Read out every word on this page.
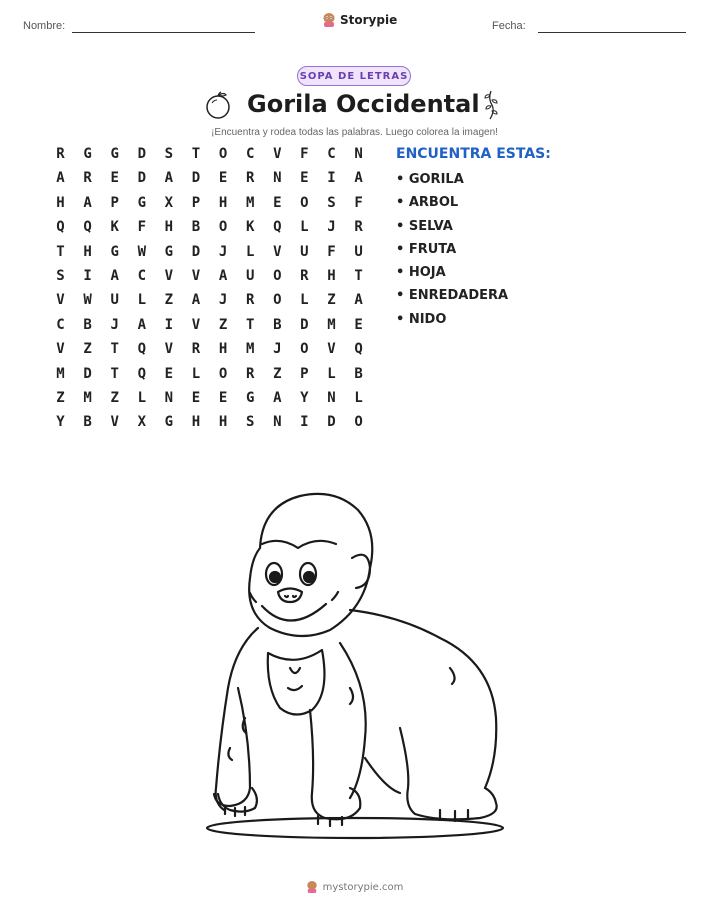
Nombre:	Storypie	Fecha:
SOPA DE LETRAS
Gorila Occidental
¡Encuentra y rodea todas las palabras. Luego colorea la imagen!
R	G	G	D	S	T	O	C	V	F	C	N
A	R	E	D	A	D	E	R	N	E	I	A
H	A	P	G	X	P	H	M	E	O	S	F
Q	Q	K	F	H	B	O	K	Q	L	J	R
T	H	G	W	G	D	J	L	V	U	F	U
S	I	A	C	V	V	A	U	O	R	H	T
V	W	U	L	Z	A	J	R	O	L	Z	A
C	B	J	A	I	V	Z	T	B	D	M	E
V	Z	T	Q	V	R	H	M	J	O	V	Q
M	D	T	Q	E	L	O	R	Z	P	L	B
Z	M	Z	L	N	E	E	G	A	Y	N	L
Y	B	V	X	G	H	H	S	N	I	D	O
ENCUENTRA ESTAS:
• GORILA
• ARBOL
• SELVA
• FRUTA
• HOJA
• ENREDADERA
• NIDO
mystorypie.com
